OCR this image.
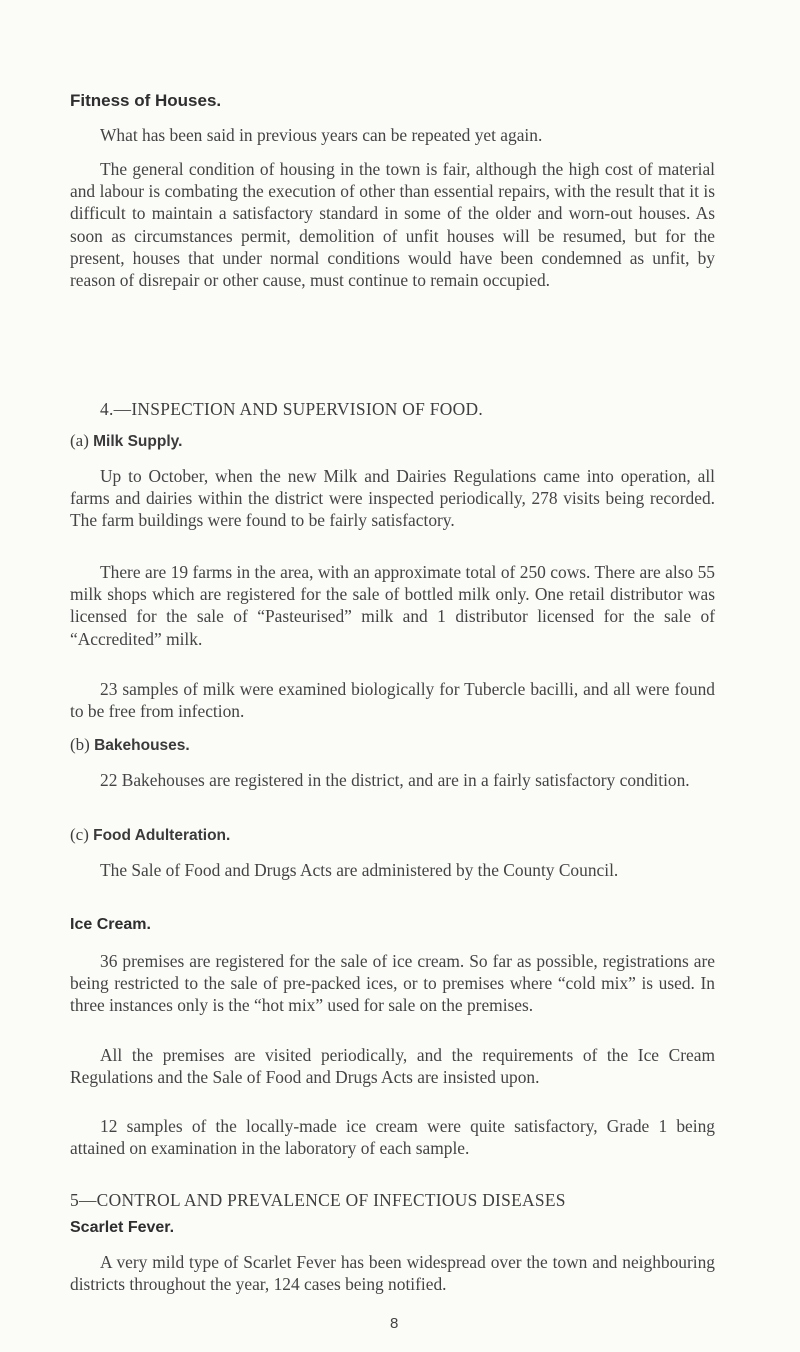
Fitness of Houses.

What has been said in previous years can be repeated yet again.

The general condition of housing in the town is fair, although the high cost of material and labour is combating the execution of other than essential repairs, with the result that it is difficult to maintain a satisfactory standard in some of the older and worn-out houses. As soon as circumstances permit, demolition of unfit houses will be resumed, but for the present, houses that under normal conditions would have been condemned as unfit, by reason of disrepair or other cause, must continue to remain occupied.

4.—INSPECTION AND SUPERVISION OF FOOD.
(a) Milk Supply.

Up to October, when the new Milk and Dairies Regulations came into operation, all farms and dairies within the district were inspected periodically, 278 visits being recorded. The farm buildings were found to be fairly satisfactory.

There are 19 farms in the area, with an approximate total of 250 cows. There are also 55 milk shops which are registered for the sale of bottled milk only. One retail distributor was licensed for the sale of “Pasteurised” milk and 1 distributor licensed for the sale of “Accredited” milk.

23 samples of milk were examined biologically for Tubercle bacilli, and all were found to be free from infection.

(b) Bakehouses.

22 Bakehouses are registered in the district, and are in a fairly satisfactory condition.

(c) Food Adulteration.

The Sale of Food and Drugs Acts are administered by the County Council.

Ice Cream.

36 premises are registered for the sale of ice cream. So far as possible, registrations are being restricted to the sale of pre-packed ices, or to premises where “cold mix” is used. In three instances only is the “hot mix” used for sale on the premises.

All the premises are visited periodically, and the requirements of the Ice Cream Regulations and the Sale of Food and Drugs Acts are insisted upon.

12 samples of the locally-made ice cream were quite satisfactory, Grade 1 being attained on examination in the laboratory of each sample.

5—CONTROL AND PREVALENCE OF INFECTIOUS DISEASES
Scarlet Fever.

A very mild type of Scarlet Fever has been widespread over the town and neighbouring districts throughout the year, 124 cases being notified.

8
